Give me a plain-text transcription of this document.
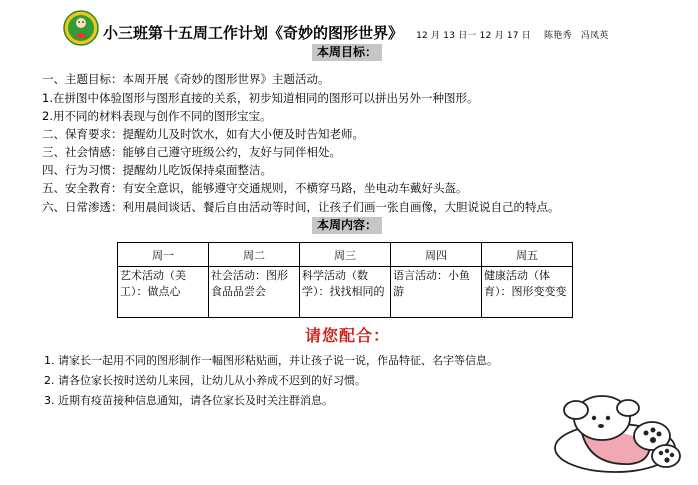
小三班第十五周工作计划《奇妙的图形世界》 12 月 13 日一 12 月 17 日 陈艳秀　冯凤英
本周目标：
一、主题目标：本周开展《奇妙的图形世界》主题活动。
1.在拼图中体验图形与图形直接的关系，初步知道相同的图形可以拼出另外一种图形。
2.用不同的材料表现与创作不同的图形宝宝。
二、保育要求：提醒幼儿及时饮水，如有大小便及时告知老师。
三、社会情感：能够自己遵守班级公约，友好与同伴相处。
四、行为习惯：提醒幼儿吃饭保持桌面整洁。
五、安全教育：有安全意识，能够遵守交通规则，不横穿马路，坐电动车戴好头盔。
六、日常渗透：利用晨间谈话、餐后自由活动等时间，让孩子们画一张自画像，大胆说说自己的特点。
本周内容：
周一	周二	周三	周四	周五
艺术活动（美工）：做点心	社会活动：图形食品品尝会	科学活动（数学）：找找相同的	语言活动：小鱼游	健康活动（体育）：图形变变变
请您配合：
1. 请家长一起用不同的图形制作一幅图形粘贴画，并让孩子说一说，作品特征、名字等信息。
2. 请各位家长按时送幼儿来园，让幼儿从小养成不迟到的好习惯。
3. 近期有疫苗接种信息通知，请各位家长及时关注群消息。
